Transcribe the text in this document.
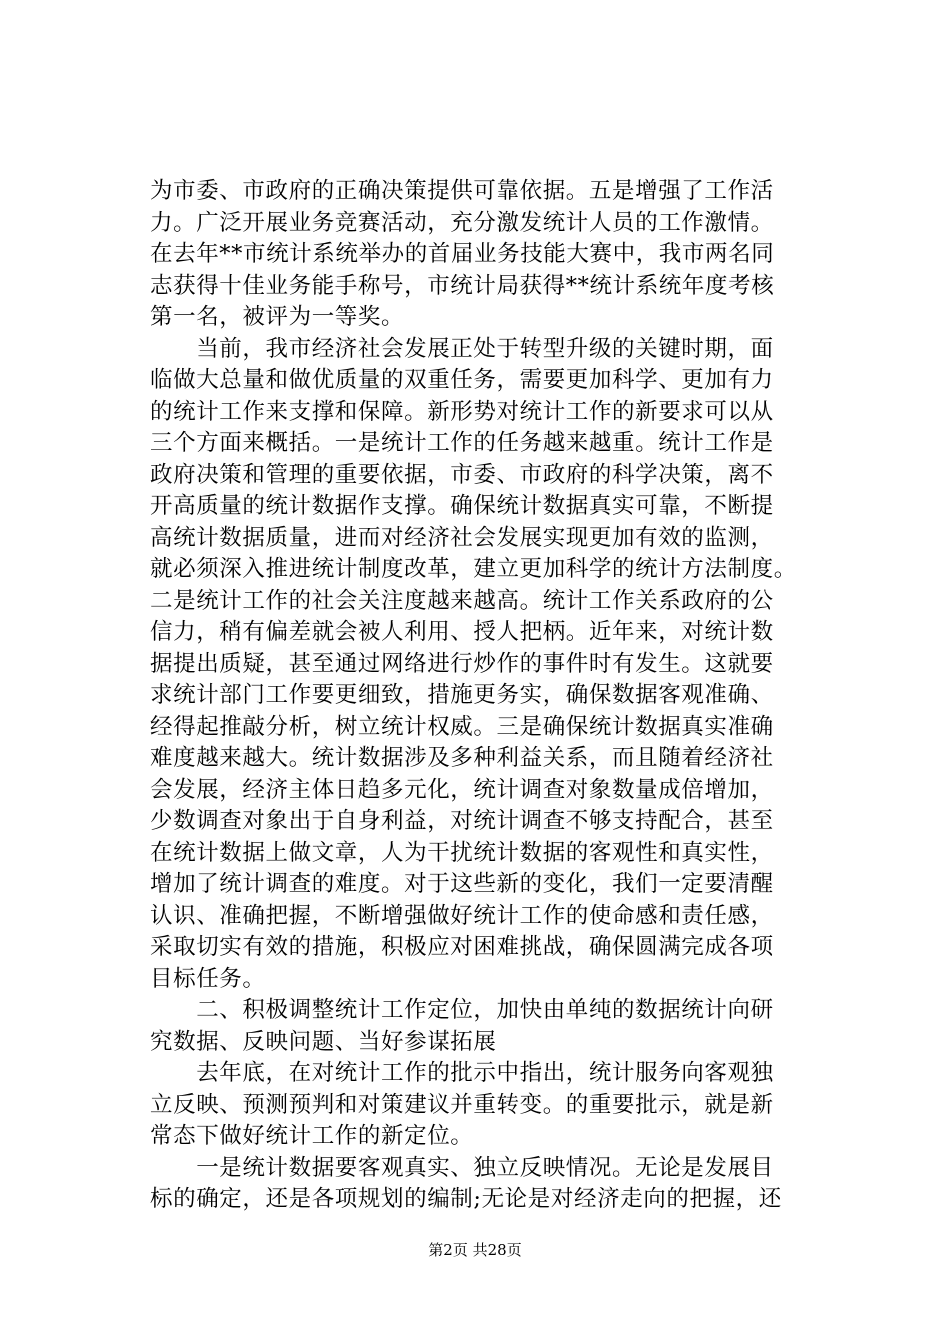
为市委、市政府的正确决策提供可靠依据。五是增强了工作活
力。广泛开展业务竞赛活动，充分激发统计人员的工作激情。
在去年**市统计系统举办的首届业务技能大赛中，我市两名同
志获得十佳业务能手称号，市统计局获得**统计系统年度考核
第一名，被评为一等奖。
　　当前，我市经济社会发展正处于转型升级的关键时期，面
临做大总量和做优质量的双重任务，需要更加科学、更加有力
的统计工作来支撑和保障。新形势对统计工作的新要求可以从
三个方面来概括。一是统计工作的任务越来越重。统计工作是
政府决策和管理的重要依据，市委、市政府的科学决策，离不
开高质量的统计数据作支撑。确保统计数据真实可靠，不断提
高统计数据质量，进而对经济社会发展实现更加有效的监测，
就必须深入推进统计制度改革，建立更加科学的统计方法制度。
二是统计工作的社会关注度越来越高。统计工作关系政府的公
信力，稍有偏差就会被人利用、授人把柄。近年来，对统计数
据提出质疑，甚至通过网络进行炒作的事件时有发生。这就要
求统计部门工作要更细致，措施更务实，确保数据客观准确、
经得起推敲分析，树立统计权威。三是确保统计数据真实准确
难度越来越大。统计数据涉及多种利益关系，而且随着经济社
会发展，经济主体日趋多元化，统计调查对象数量成倍增加，
少数调查对象出于自身利益，对统计调查不够支持配合，甚至
在统计数据上做文章，人为干扰统计数据的客观性和真实性，
增加了统计调查的难度。对于这些新的变化，我们一定要清醒
认识、准确把握，不断增强做好统计工作的使命感和责任感，
采取切实有效的措施，积极应对困难挑战，确保圆满完成各项
目标任务。
　　二、积极调整统计工作定位，加快由单纯的数据统计向研
究数据、反映问题、当好参谋拓展
　　去年底，在对统计工作的批示中指出，统计服务向客观独
立反映、预测预判和对策建议并重转变。的重要批示，就是新
常态下做好统计工作的新定位。
　　一是统计数据要客观真实、独立反映情况。无论是发展目
标的确定，还是各项规划的编制;无论是对经济走向的把握，还
第2页 共28页
